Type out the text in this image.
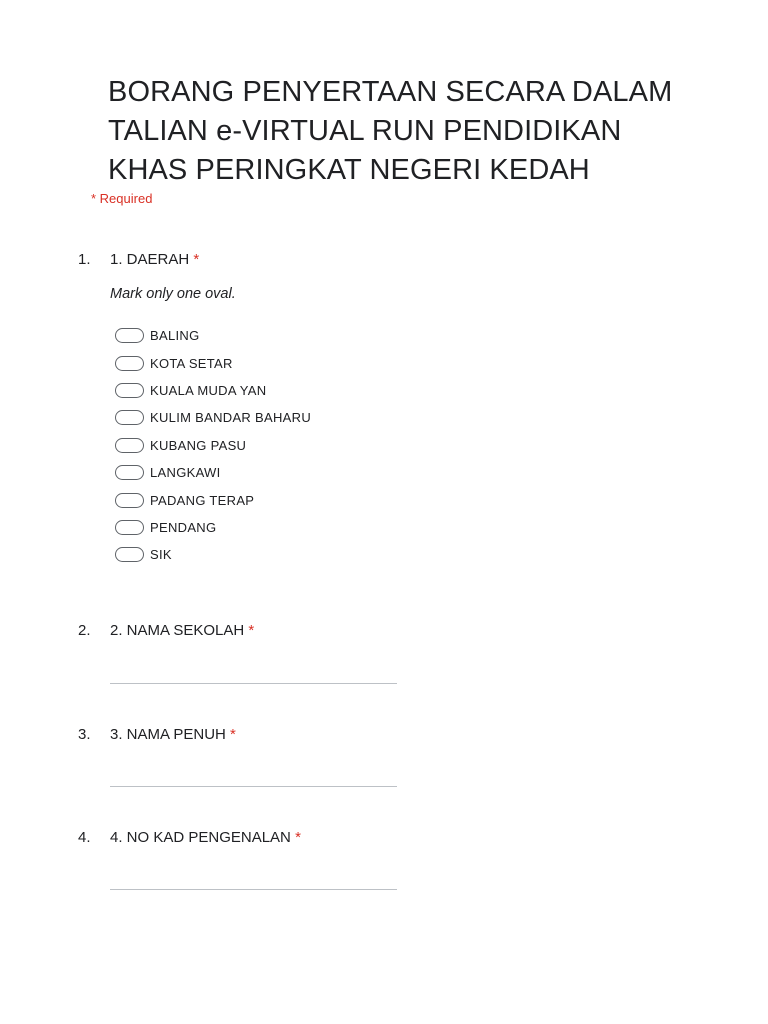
BORANG PENYERTAAN SECARA DALAM TALIAN e-VIRTUAL RUN PENDIDIKAN KHAS PERINGKAT NEGERI KEDAH
* Required
1. 1. DAERAH *
Mark only one oval.
BALING
KOTA SETAR
KUALA MUDA YAN
KULIM BANDAR BAHARU
KUBANG PASU
LANGKAWI
PADANG TERAP
PENDANG
SIK
2. 2. NAMA SEKOLAH *
3. 3. NAMA PENUH *
4. 4. NO KAD PENGENALAN *
